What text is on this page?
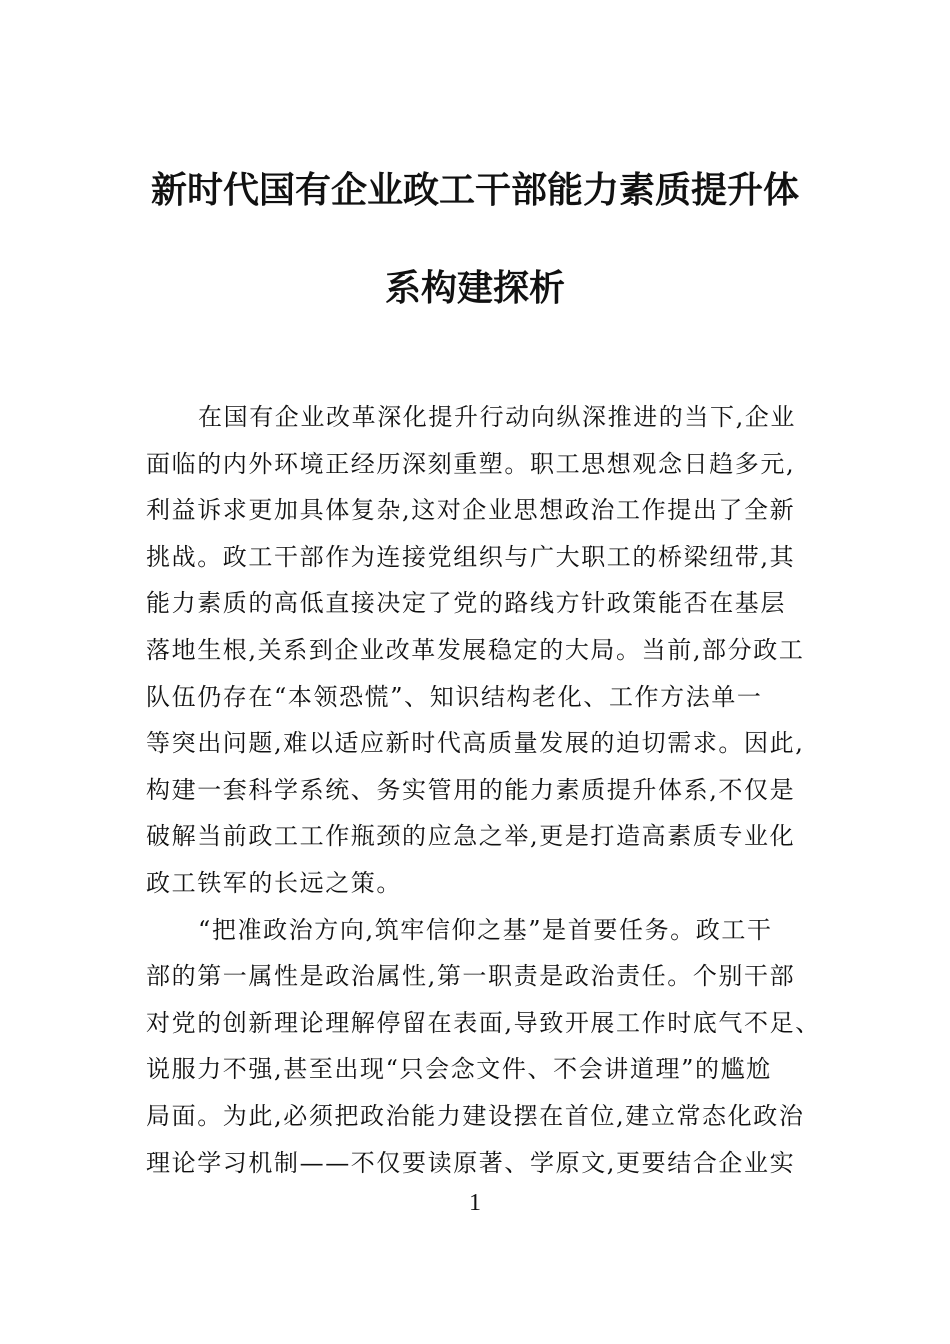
新时代国有企业政工干部能力素质提升体
系构建探析
在国有企业改革深化提升行动向纵深推进的当下,企业
面临的内外环境正经历深刻重塑。职工思想观念日趋多元,
利益诉求更加具体复杂,这对企业思想政治工作提出了全新
挑战。政工干部作为连接党组织与广大职工的桥梁纽带,其
能力素质的高低直接决定了党的路线方针政策能否在基层
落地生根,关系到企业改革发展稳定的大局。当前,部分政工
队伍仍存在“本领恐慌”、知识结构老化、工作方法单一
等突出问题,难以适应新时代高质量发展的迫切需求。因此,
构建一套科学系统、务实管用的能力素质提升体系,不仅是
破解当前政工工作瓶颈的应急之举,更是打造高素质专业化
政工铁军的长远之策。
“把准政治方向,筑牢信仰之基”是首要任务。政工干
部的第一属性是政治属性,第一职责是政治责任。个别干部
对党的创新理论理解停留在表面,导致开展工作时底气不足、
说服力不强,甚至出现“只会念文件、不会讲道理”的尴尬
局面。为此,必须把政治能力建设摆在首位,建立常态化政治
理论学习机制——不仅要读原著、学原文,更要结合企业实
1
